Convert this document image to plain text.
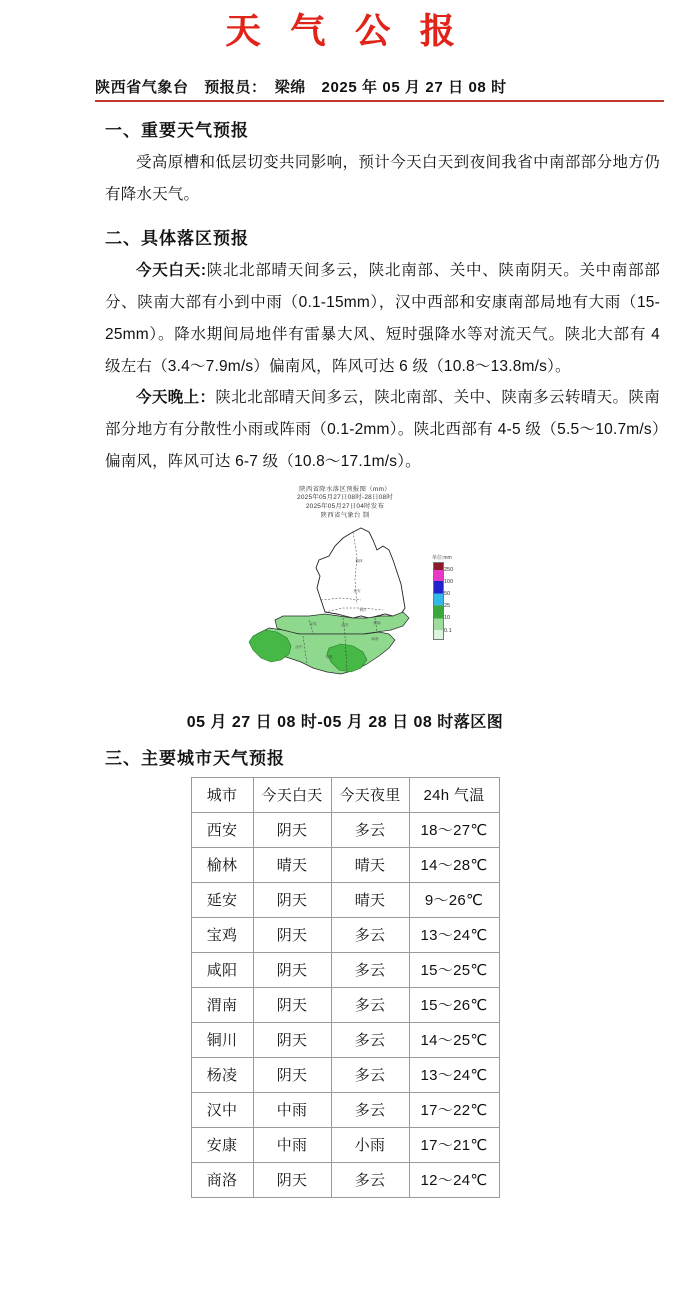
天 气 公 报
陕西省气象台　预报员：　梁绵　2025 年 05 月 27 日 08 时
一、重要天气预报
受高原槽和低层切变共同影响，预计今天白天到夜间我省中南部部分地方仍有降水天气。
二、具体落区预报
今天白天:陕北北部晴天间多云，陕北南部、关中、陕南阴天。关中南部部分、陕南大部有小到中雨（0.1-15mm），汉中西部和安康南部局地有大雨（15-25mm）。降水期间局地伴有雷暴大风、短时强降水等对流天气。陕北大部有 4 级左右（3.4～7.9m/s）偏南风，阵风可达 6 级（10.8～13.8m/s）。
今天晚上：陕北北部晴天间多云，陕北南部、关中、陕南多云转晴天。陕南部分地方有分散性小雨或阵雨（0.1-2mm）。陕北西部有 4-5 级（5.5～10.7m/s）偏南风，阵风可达 6-7 级（10.8～17.1m/s）。
陕西省降水落区预报图（mm）
2025年05月27日08时-28日08时
2025年05月27日04时发布
陕西省气象台 制
榆林
延安
铜川
宝鸡	西安	渭南
商洛
汉中
安康
单位:mm
250
100
50
25
10
0.1
05 月 27 日 08 时-05 月 28 日 08 时落区图
三、主要城市天气预报
城市	今天白天	今天夜里	24h 气温
西安	阴天	多云	18～27℃
榆林	晴天	晴天	14～28℃
延安	阴天	晴天	9～26℃
宝鸡	阴天	多云	13～24℃
咸阳	阴天	多云	15～25℃
渭南	阴天	多云	15～26℃
铜川	阴天	多云	14～25℃
杨凌	阴天	多云	13～24℃
汉中	中雨	多云	17～22℃
安康	中雨	小雨	17～21℃
商洛	阴天	多云	12～24℃
